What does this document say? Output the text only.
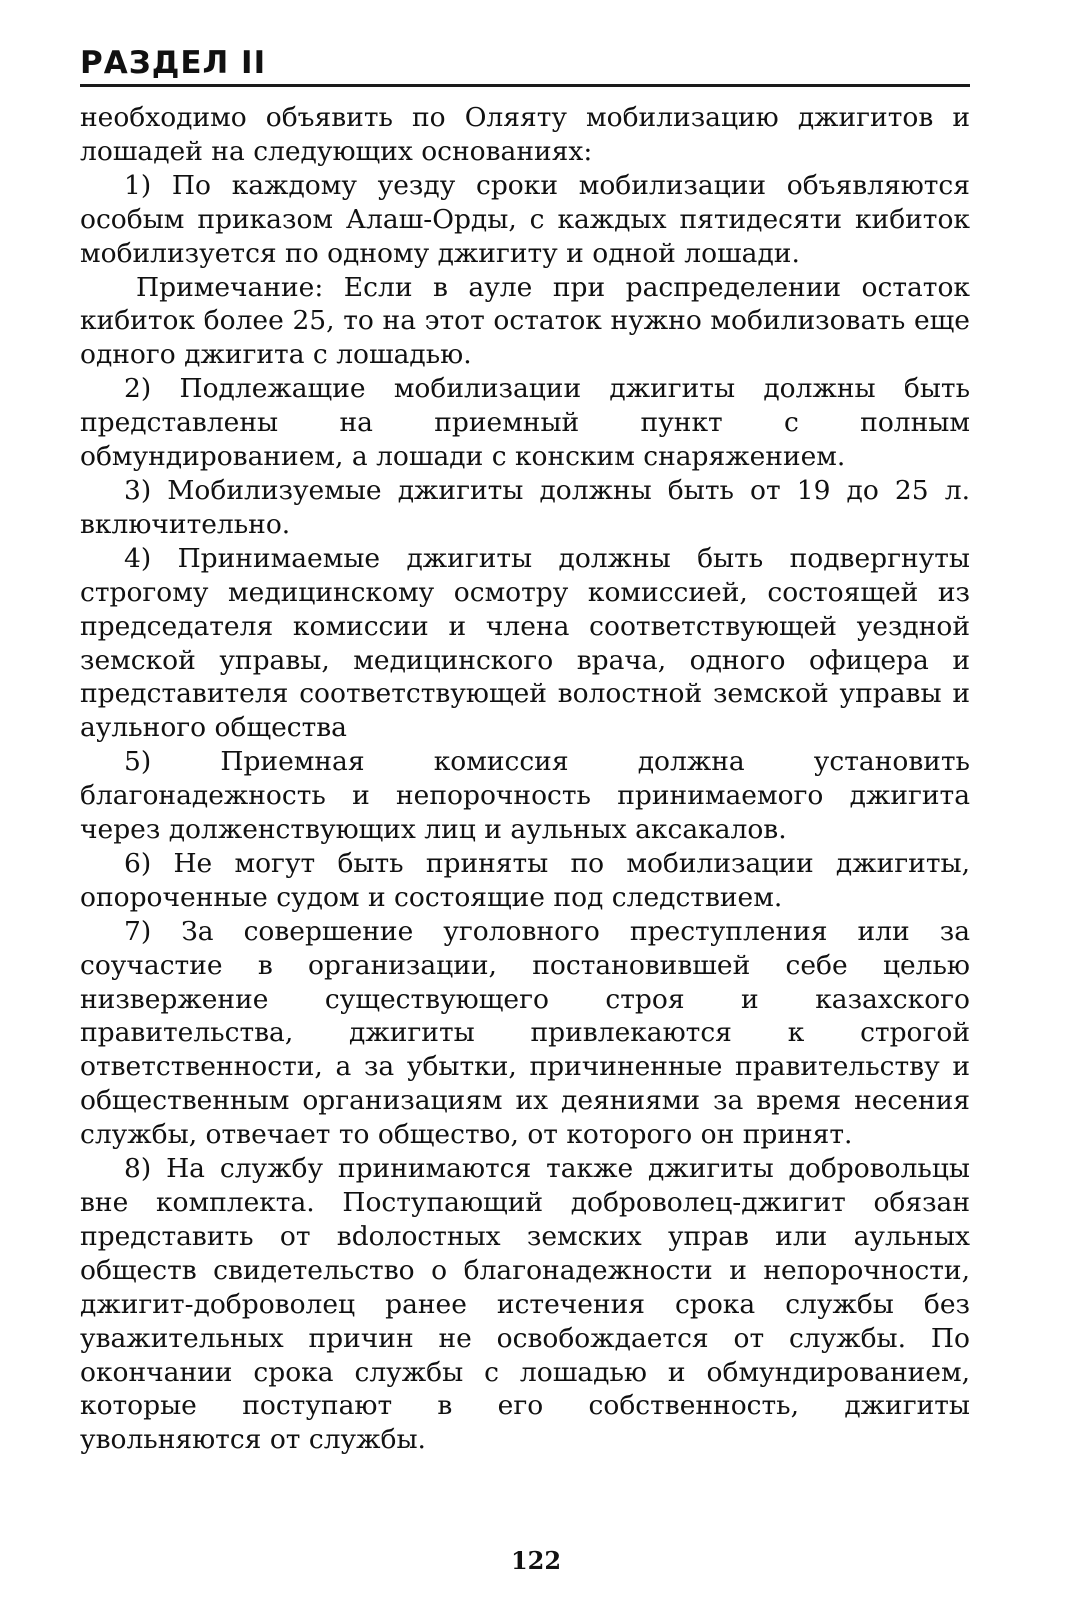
РАЗДЕЛ II

необходимо объявить по Оляяту мобилизацию джигитов и лошадей на следующих основаниях:

1) По каждому уезду сроки мобилизации объявляются особым приказом Алаш-Орды, с каждых пятидесяти кибиток мобилизуется по одному джигиту и одной лошади.

Примечание: Если в ауле при распределении остаток кибиток более 25, то на этот остаток нужно мобилизовать еще одного джигита с лошадью.

2) Подлежащие мобилизации джигиты должны быть представлены на приемный пункт с полным обмундированием, а лошади с конским снаряжением.

3) Мобилизуемые джигиты должны быть от 19 до 25 л. включительно.

4) Принимаемые джигиты должны быть подвергнуты строгому медицинскому осмотру комиссией, состоящей из председателя комиссии и члена соответствующей уездной земской управы, медицинского врача, одного офицера и представителя соответствующей волостной земской управы и аульного общества

5) Приемная комиссия должна установить благонадежность и непорочность принимаемого джигита через долженствующих лиц и аульных аксакалов.

6) Не могут быть приняты по мобилизации джигиты, опороченные судом и состоящие под следствием.

7) За совершение уголовного преступления или за соучастие в организации, постановившей себе целью низвержение существующего строя и казахского правительства, джигиты привлекаются к строгой ответственности, а за убытки, причиненные правительству и общественным организациям их деяниями за время несения службы, отвечает то общество, от которого он принят.

8) На службу принимаются также джигиты добровольцы вне комплекта. Поступающий доброволец-джигит обязан представить от вdолостных земских управ или аульных обществ свидетельство о благонадежности и непорочности, джигит-доброволец ранее истечения срока службы без уважительных причин не освобождается от службы. По окончании срока службы с лошадью и обмундированием, которые поступают в его собственность, джигиты увольняются от службы.

122
